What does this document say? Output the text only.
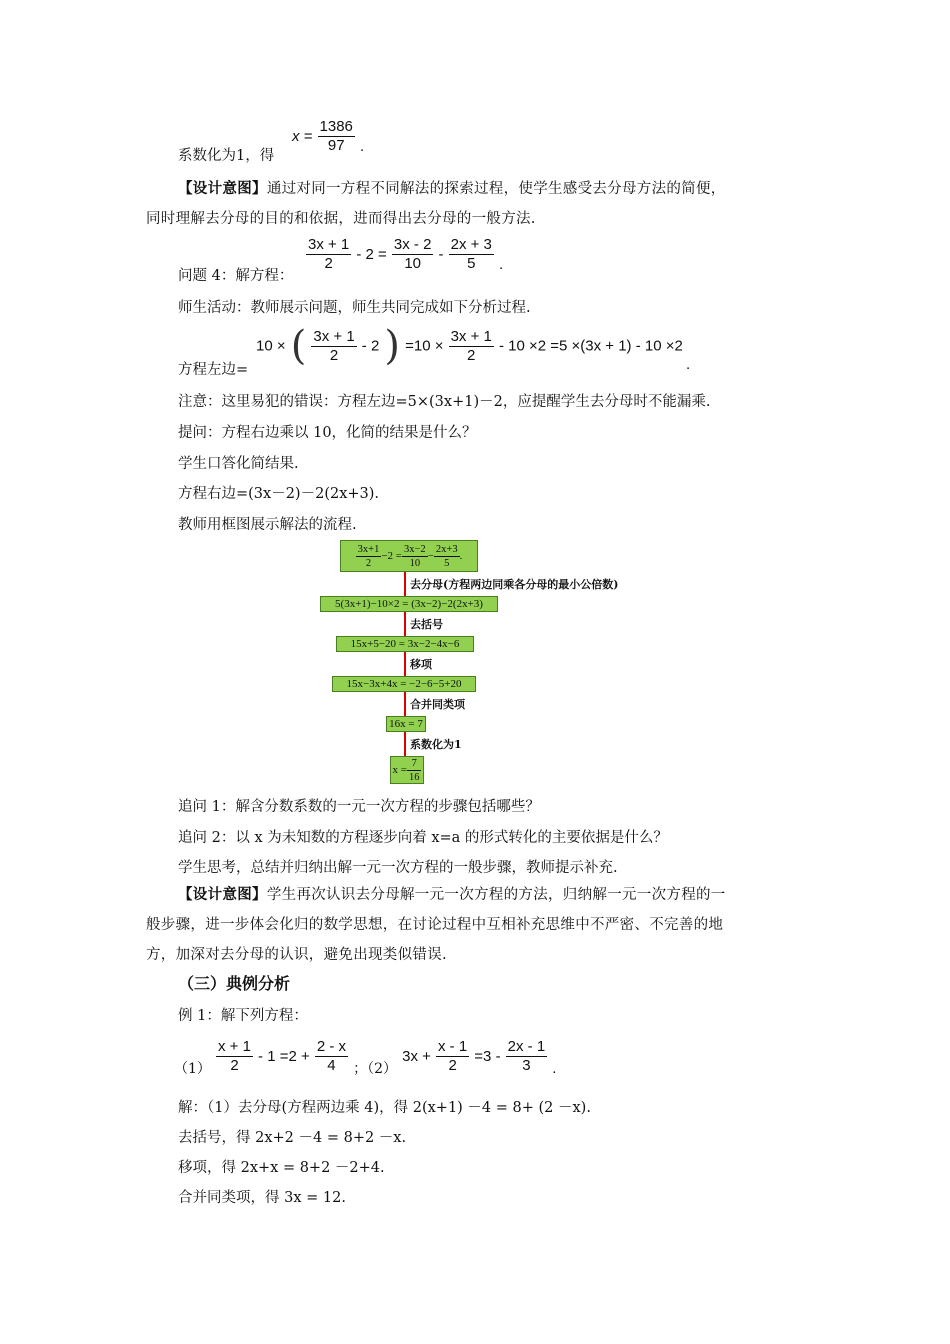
$x = \frac{1386}{97}$ .
系数化为1，得
【设计意图】通过对同一方程不同解法的探索过程，使学生感受去分母方法的简便，
同时理解去分母的目的和依据，进而得出去分母的一般方法.
问题 4：解方程：
$\frac{3x + 1}{2} - 2 = \frac{3x - 2}{10} - \frac{2x + 3}{5}$ .
师生活动：教师展示问题，师生共同完成如下分析过程.
方程左边=
10 × ( $\frac{3x + 1}{2} - 2$ ) $=10 \times \frac{3x + 1}{2} - 10 \times 2 =5 \times(3x + 1) - 10 \times 2$
.
注意：这里易犯的错误：方程左边=5×(3x+1)－2，应提醒学生去分母时不能漏乘.
提问：方程右边乘以 10，化简的结果是什么？
学生口答化简结果.
方程右边=(3x－2)－2(2x+3).
教师用框图展示解法的流程.
$\frac{3x+1}{2} -2 = \frac{3x-2}{10} - \frac{2x+3}{5}$ .
去分母(方程两边同乘各分母的最小公倍数)
5(3x+1)−10×2 = (3x−2)−2(2x+3)
去括号
15x+5−20 = 3x−2−4x−6
移项
15x−3x+4x = −2−6−5+20
合并同类项
16x = 7
系数化为1
$x = \frac{7}{16}$
追问 1：解含分数系数的一元一次方程的步骤包括哪些？
追问 2：以 x 为未知数的方程逐步向着 x=a 的形式转化的主要依据是什么？
学生思考，总结并归纳出解一元一次方程的一般步骤，教师提示补充.
【设计意图】学生再次认识去分母解一元一次方程的方法，归纳解一元一次方程的一
般步骤，进一步体会化归的数学思想，在讨论过程中互相补充思维中不严密、不完善的地
方，加深对去分母的认识，避免出现类似错误.
（三）典例分析
例 1：解下列方程：
$(1) \frac{x + 1}{2} - 1 =2 + \frac{2 - x}{4}$ ；（2） $3x + \frac{x - 1}{2} =3 - \frac{2x - 1}{3}$ .
解：（1）去分母(方程两边乘 4)，得 2(x+1) －4 = 8+ (2 －x).
去括号，得 2x+2 －4 = 8+2 －x.
移项，得 2x+x = 8+2 －2+4.
合并同类项，得 3x = 12.
